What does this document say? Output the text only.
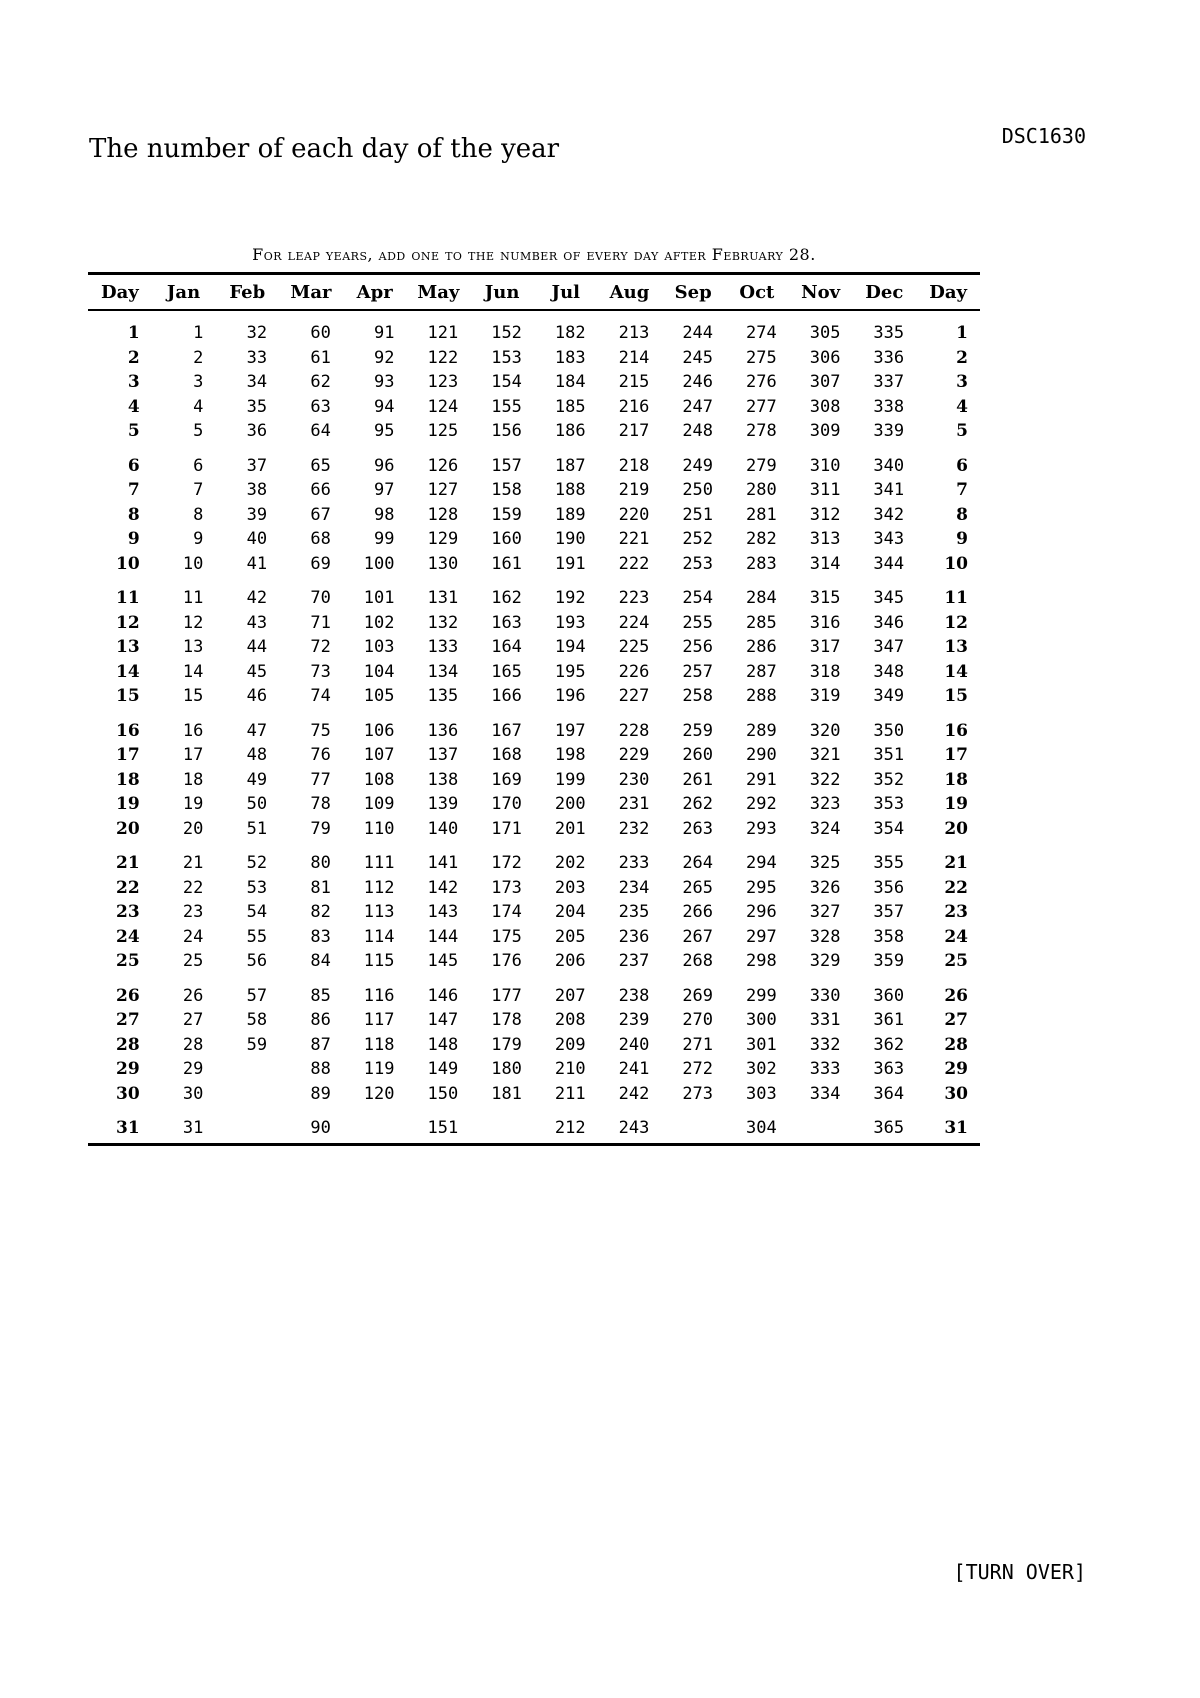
DSC1630
The number of each day of the year
For leap years, add one to the number of every day after February 28.
Day	Jan	Feb	Mar	Apr	May	Jun	Jul	Aug	Sep	Oct	Nov	Dec	Day
1	1	32	60	91	121	152	182	213	244	274	305	335	1
2	2	33	61	92	122	153	183	214	245	275	306	336	2
3	3	34	62	93	123	154	184	215	246	276	307	337	3
4	4	35	63	94	124	155	185	216	247	277	308	338	4
5	5	36	64	95	125	156	186	217	248	278	309	339	5
6	6	37	65	96	126	157	187	218	249	279	310	340	6
7	7	38	66	97	127	158	188	219	250	280	311	341	7
8	8	39	67	98	128	159	189	220	251	281	312	342	8
9	9	40	68	99	129	160	190	221	252	282	313	343	9
10	10	41	69	100	130	161	191	222	253	283	314	344	10
11	11	42	70	101	131	162	192	223	254	284	315	345	11
12	12	43	71	102	132	163	193	224	255	285	316	346	12
13	13	44	72	103	133	164	194	225	256	286	317	347	13
14	14	45	73	104	134	165	195	226	257	287	318	348	14
15	15	46	74	105	135	166	196	227	258	288	319	349	15
16	16	47	75	106	136	167	197	228	259	289	320	350	16
17	17	48	76	107	137	168	198	229	260	290	321	351	17
18	18	49	77	108	138	169	199	230	261	291	322	352	18
19	19	50	78	109	139	170	200	231	262	292	323	353	19
20	20	51	79	110	140	171	201	232	263	293	324	354	20
21	21	52	80	111	141	172	202	233	264	294	325	355	21
22	22	53	81	112	142	173	203	234	265	295	326	356	22
23	23	54	82	113	143	174	204	235	266	296	327	357	23
24	24	55	83	114	144	175	205	236	267	297	328	358	24
25	25	56	84	115	145	176	206	237	268	298	329	359	25
26	26	57	85	116	146	177	207	238	269	299	330	360	26
27	27	58	86	117	147	178	208	239	270	300	331	361	27
28	28	59	87	118	148	179	209	240	271	301	332	362	28
29	29		88	119	149	180	210	241	272	302	333	363	29
30	30		89	120	150	181	211	242	273	303	334	364	30
31	31		90		151		212	243		304		365	31
[TURN OVER]
